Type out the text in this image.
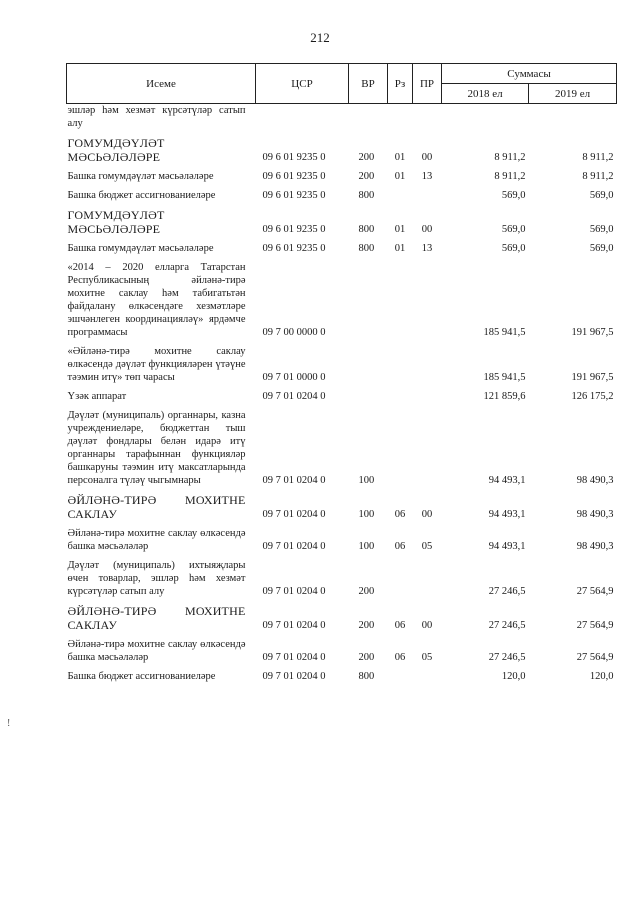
212
!
Исеме	ЦСР	ВР	Рз	ПР	Суммасы	
					2018 ел	2019 ел
эшләр һәм хезмәт күрсәтүләр сатып алу						

ГОМУМДӘҮЛӘТ МӘСЬӘЛӘЛӘРЕ	09 6 01 9235 0	200	01	00	8 911,2	8 911,2

Башка гомумдәүләт мәсьәләләре	09 6 01 9235 0	200	01	13	8 911,2	8 911,2

Башка бюджет ассигнованиеләре	09 6 01 9235 0	800			569,0	569,0

ГОМУМДӘҮЛӘТ МӘСЬӘЛӘЛӘРЕ	09 6 01 9235 0	800	01	00	569,0	569,0

Башка гомумдәүләт мәсьәләләре	09 6 01 9235 0	800	01	13	569,0	569,0

«2014 – 2020 елларга Татарстан Республикасының әйләнә-тирә мохитне саклау һәм табигатьтән файдалану өлкәсендәге хезмәтләре эшчәнлеген координацияләү» ярдәмче программасы	09 7 00 0000 0				185 941,5	191 967,5

«Әйләнә-тирә мохитне саклау өлкәсендә дәүләт функцияләрен үтәүне тәэмин итү» төп чарасы	09 7 01 0000 0				185 941,5	191 967,5

Үзәк аппарат	09 7 01 0204 0				121 859,6	126 175,2

Дәүләт (муниципаль) органнары, казна учреждениеләре, бюджеттан тыш дәүләт фондлары белән идарә итү органнары тарафыннан функцияләр башкаруны тәэмин итү максатларында персоналга түләү чыгымнары	09 7 01 0204 0	100			94 493,1	98 490,3

ӘЙЛӘНӘ-ТИРӘ МОХИТНЕ САКЛАУ	09 7 01 0204 0	100	06	00	94 493,1	98 490,3

Әйләнә-тирә мохитне саклау өлкәсендә башка мәсьәләләр	09 7 01 0204 0	100	06	05	94 493,1	98 490,3

Дәүләт (муниципаль) ихтыяҗлары өчен товарлар, эшләр һәм хезмәт күрсәтүләр сатып алу	09 7 01 0204 0	200			27 246,5	27 564,9

ӘЙЛӘНӘ-ТИРӘ МОХИТНЕ САКЛАУ	09 7 01 0204 0	200	06	00	27 246,5	27 564,9

Әйләнә-тирә мохитне саклау өлкәсендә башка мәсьәләләр	09 7 01 0204 0	200	06	05	27 246,5	27 564,9

Башка бюджет ассигнованиеләре	09 7 01 0204 0	800			120,0	120,0
